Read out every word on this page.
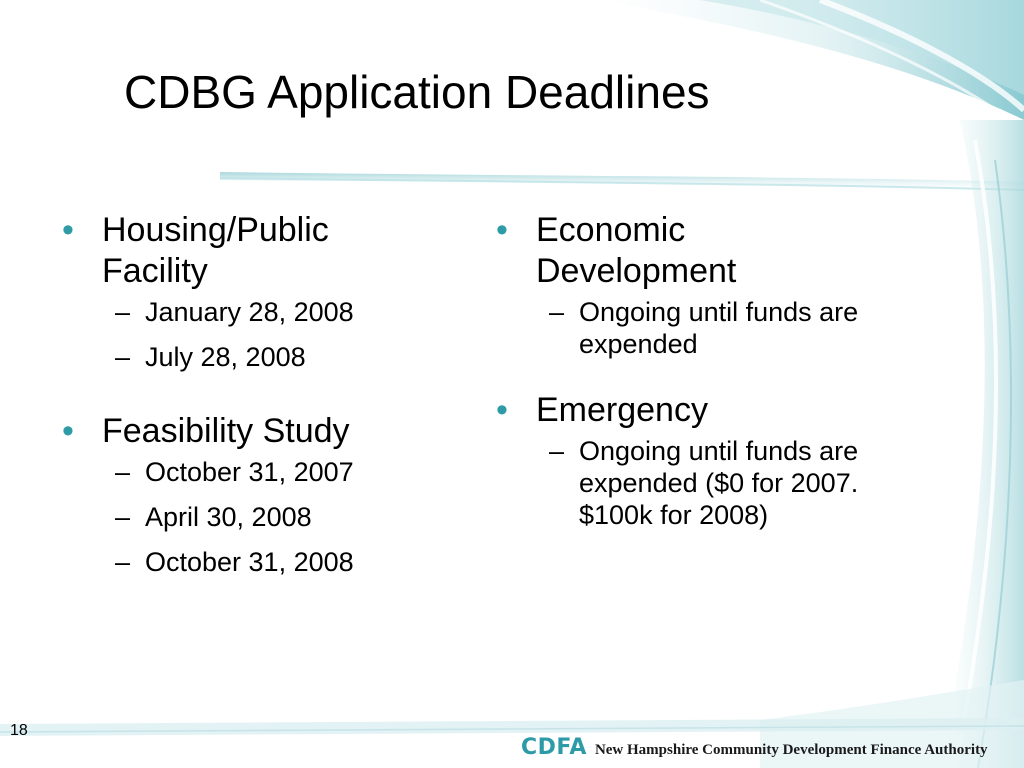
CDBG Application Deadlines
• Housing/Public Facility
– January 28, 2008
– July 28, 2008
• Feasibility Study
– October 31, 2007
– April 30, 2008
– October 31, 2008
• Economic Development
– Ongoing until funds are expended
• Emergency
– Ongoing until funds are expended ($0 for 2007. $100k for 2008)
18
CDFA New Hampshire Community Development Finance Authority
